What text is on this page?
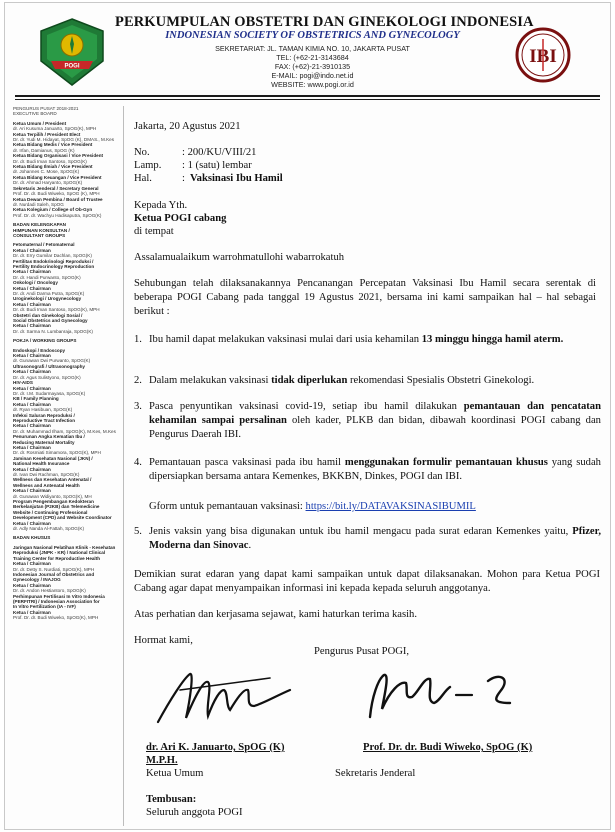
POGI
PERKUMPULAN OBSTETRI DAN GINEKOLOGI INDONESIA
INDONESIAN SOCIETY OF OBSTETRICS AND GYNECOLOGY
SEKRETARIAT: JL. TAMAN KIMIA NO. 10, JAKARTA PUSAT
TEL: (+62-21-3143684
FAX: (+62)-21-3910135
E-MAIL: pogi@indo.net.id
WEBSITE: www.pogi.or.id
IBI
PENGURUS PUSAT 2018-2021
EXECUTIVE BOARD
Ketua Umum / President
dr. Ari Kusuma Januarto, SpOG(K), MPH
Ketua Terpilih / President Elect
Dr. dr. Yudi M. Hidayat, SpOG (K), DMAS., M.Kes
Ketua Bidang Medis / Vice President
dr. Irfan, Damianus, SpOG (K)
Ketua Bidang Organisasi / Vice President
Dr. dr. Budi Iman Santoso, SpOG(K)
Ketua Bidang Ilmiah / Vice President
dr. Johannes C. Mose, SpOG(K)
Ketua Bidang Keuangan / Vice President
Dr. dr. Ahmad Haryanto, SpOG(K)
Sekretaris Jenderal / Secretary General
Prof. Dr. dr. Budi Wiweko, SpOG (K), MPH
Ketua Dewan Pembina / Board of Trustee
dr. Nurdadi Saleh, SpOG
Ketua Kolegium / College of Ob-Gyn
Prof. Dr. dr. Wachyu Hadisaputra, SpOG(K)
BADAN KELENGKAPAN
HIMPUNAN KONSULTAN /
CONSULTANT GROUPS
Fetomaternal / Fetomaternal
Ketua / Chairman
Dr. dr. Erry Gumilar Dachlan, SpOG(K)
Fertilitas Endokrinologi Reproduksi /
Fertility Endocrinology Reproduction
Ketua / Chairman
Dr. dr. Handi Purwanto, SpOG(K)
Onkologi / Oncology
Ketua / Chairman
Dr. dr. Andi Darma Putra, SpOG(K)
Uroginekologi / Urogynecology
Ketua / Chairman
Dr. dr. Budi Iman Santoso, SpOG(K), MPH
Obstetri dan Ginekologi Sosial /
Social Obstetrics and Gynecology
Ketua / Chairman
Dr. dr. Sarma N. Lumbanraja, SpOG(K)
POKJA / WORKING GROUPS
Endoskopi / Endoscopy
Ketua / Chairman
dr. Gunawan Dwi Purwanto, SpOG(K)
Ultrasonografi / Ultrasonography
Ketua / Chairman
Dr. dr. Agus Sulistyono, SpOG(K)
HIV-AIDS
Ketua / Chairman
Dr. dr. I.M. Sudarmayasa, SpOG(K)
KB / Family Planning
Ketua / Chairman
dr. Ryan Hasibuan, SpOG(K)
Infeksi Saluran Reproduksi /
Reproductive Tract Infection
Ketua / Chairman
Dr. dr. Muhammad Ilham, SpOG(K), M.Kes, M.Kes
Penurunan Angka Kematian Ibu /
Reducing Maternal Mortality
Ketua / Chairman
Dr. dr. Rosmiati Simamora, SpOG(K), MPH
Jaminan Kesehatan Nasional (JKN) /
National Health Insurance
Ketua / Chairman
dr. Ivan Dwi Rachman, SpOG(K)
Wellness dan Kesehatan Antenatal /
Wellness and Antenatal Health
Ketua / Chairman
dr. Gunawan Widiyanto, SpOG(K), MH
Program Pengembangan Kedokteran
Berkelanjutan (P2KB) dan Telemedicine
Website / Continuing Professional
Development (CPD) and Website Coordinator
Ketua / Chairman
dr. Adly Nanda Al-Fattah, SpOG(K)
BADAN KHUSUS
Jaringan Nasional Pelatihan Klinik - Kesehatan
Reproduksi (JNPK - KR) / National Clinical
Training Center for Reproductive Health
Ketua / Chairman
Dr. dr. Detty S. Nurdiati, SpOG(K), MPH
Indonesian Journal of Obstetrics and
Gynecology / INAJOG
Ketua / Chairman
Dr. dr. Andon Hestiantoro, SpOG(K)
Perhimpunan Fertilisasi In Vitro Indonesia
(PERFITRI) / Indonesian Association for
In Vitro Fertilization (IA - IVF)
Ketua / Chairman
Prof. Dr. dr. Budi Wiweko, SpOG(K), MPH
Jakarta, 20 Agustus 2021
No.	: 200/KU/VIII/21
Lamp. : 1 (satu) lembar
Hal.	: Vaksinasi Ibu Hamil
Kepada Yth.
Ketua POGI cabang
di tempat
Assalamualaikum warrohmatullohi wabarrokatuh
Sehubungan telah dilaksanakannya Pencanangan Percepatan Vaksinasi Ibu Hamil secara serentak di beberapa POGI Cabang pada tanggal 19 Agustus 2021, bersama ini kami sampaikan hal – hal sebagai berikut :
1. Ibu hamil dapat melakukan vaksinasi mulai dari usia kehamilan 13 minggu hingga hamil aterm.
2. Dalam melakukan vaksinasi tidak diperlukan rekomendasi Spesialis Obstetri Ginekologi.
3. Pasca penyuntikan vaksinasi covid-19, setiap ibu hamil dilakukan pemantauan dan pencatatan kehamilan sampai persalinan oleh kader, PLKB dan bidan, dibawah koordinasi POGI cabang dan Pengurus Daerah IBI.
4. Pemantauan pasca vaksinasi pada ibu hamil menggunakan formulir pemantauan khusus yang sudah dipersiapkan bersama antara Kemenkes, BKKBN, Dinkes, POGI dan IBI.
Gform untuk pemantauan vaksinasi: https://bit.ly/DATAVAKSINASIBUMIL
5. Jenis vaksin yang bisa digunakan untuk ibu hamil mengacu pada surat edaran Kemenkes yaitu, Pfizer, Moderna dan Sinovac.
Demikian surat edaran yang dapat kami sampaikan untuk dapat dilaksanakan. Mohon para Ketua POGI Cabang agar dapat menyampaikan informasi ini kepada kepada seluruh anggotanya.
Atas perhatian dan kerjasama sejawat, kami haturkan terima kasih.
Hormat kami,
Pengurus Pusat POGI,
dr. Ari K. Januarto, SpOG (K)
M.P.H.
Ketua Umum
Prof. Dr. dr. Budi Wiweko, SpOG (K)
Sekretaris Jenderal
Tembusan:
Seluruh anggota POGI
